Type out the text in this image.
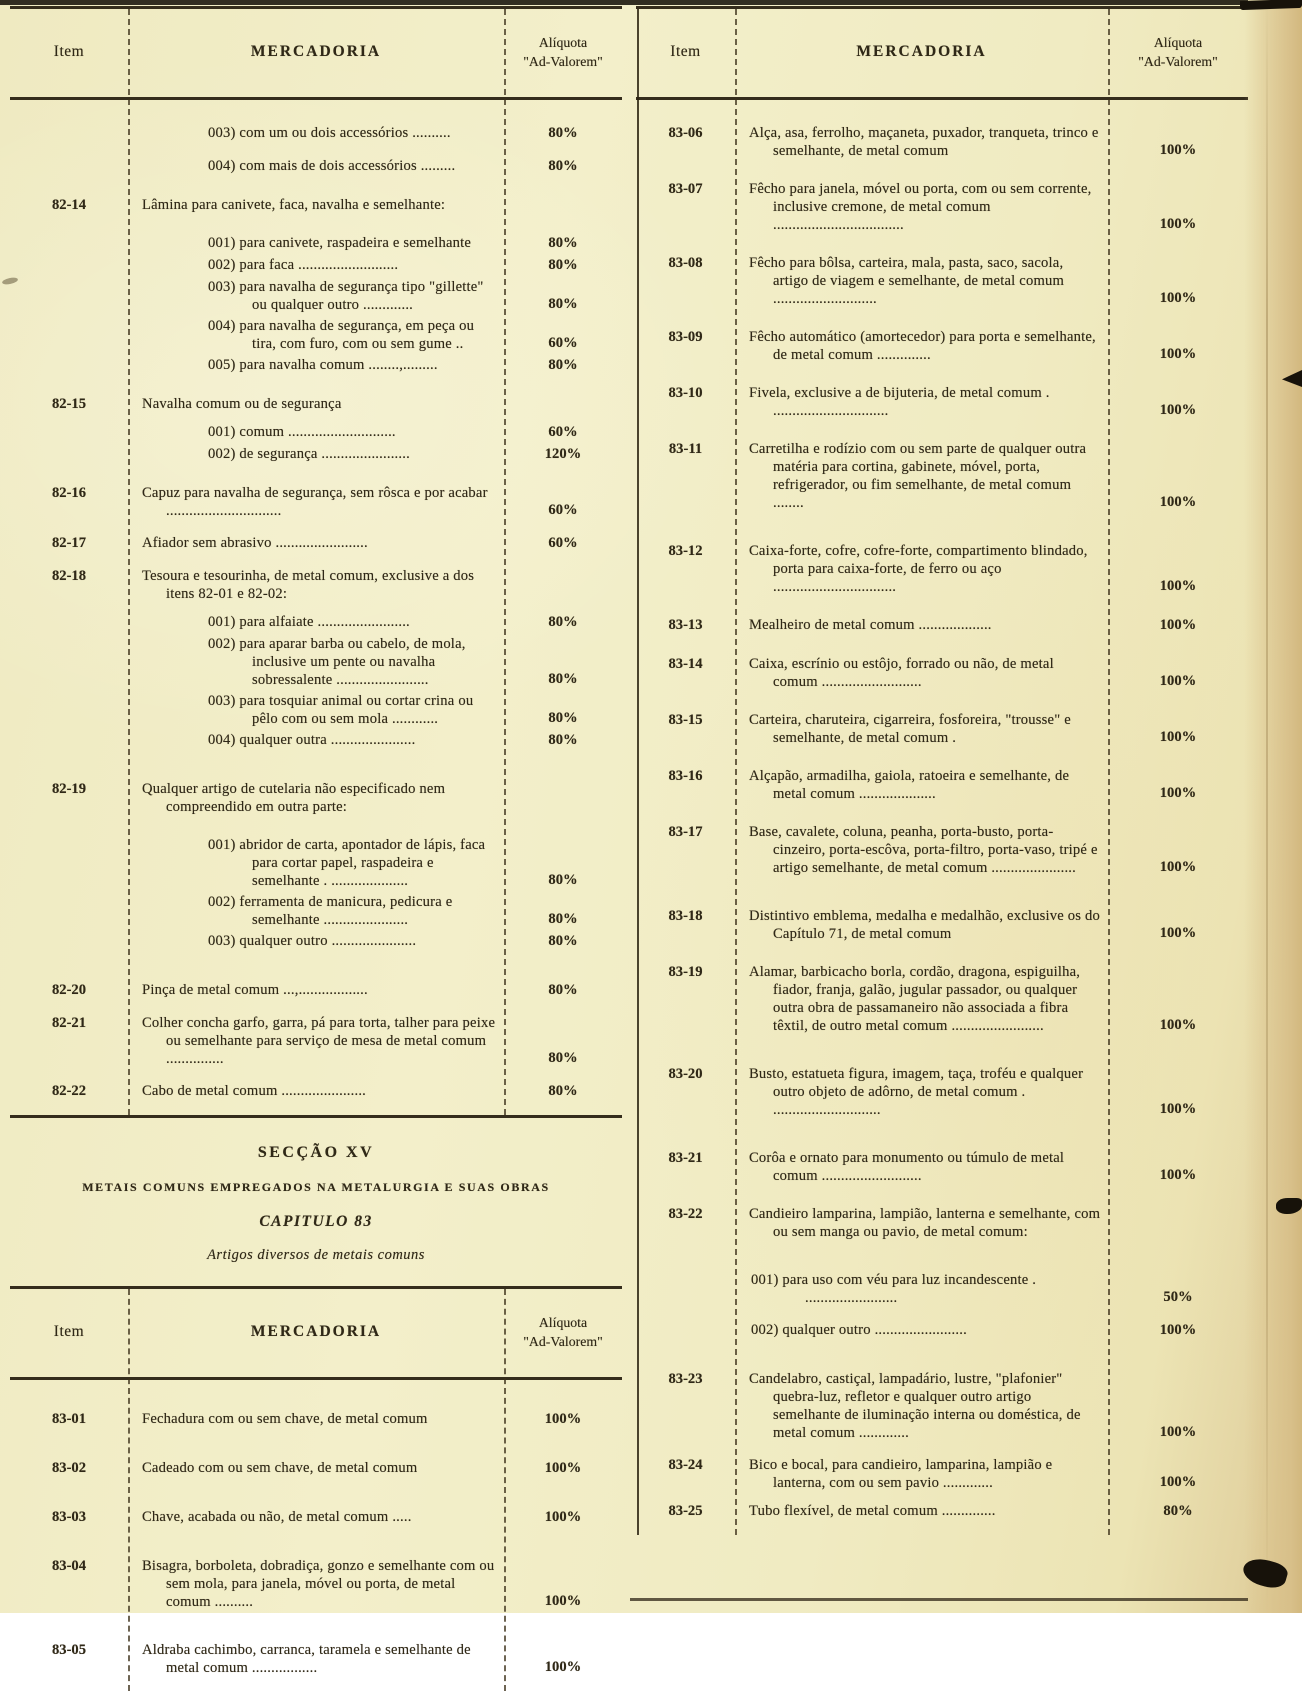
Item	MERCADORIA
Alíquota
"Ad-Valorem"
003) com um ou dois accessórios ..........	80%
004) com mais de dois accessórios .........	80%
82-14	Lâmina para canivete, faca, navalha e semelhante:
001) para canivete, raspadeira e semelhante	80%
002) para faca ..........................	80%
003) para navalha de segurança tipo "gillette" ou qualquer outro .............	80%
004) para navalha de segurança, em peça ou tira, com furo, com ou sem gume ..	60%
005) para navalha comum ........,.........	80%
82-15	Navalha comum ou de segurança
001) comum ............................	60%
002) de segurança .......................	120%
82-16	Capuz para navalha de segurança, sem rôsca e por acabar ..............................	60%
82-17	Afiador sem abrasivo ........................	60%
82-18	Tesoura e tesourinha, de metal comum, exclusive a dos itens 82-01 e 82-02:
001) para alfaiate ........................	80%
002) para aparar barba ou cabelo, de mola, inclusive um pente ou navalha sobressalente ........................	80%
003) para tosquiar animal ou cortar crina ou pêlo com ou sem mola ............	80%
004) qualquer outra ......................	80%
82-19	Qualquer artigo de cutelaria não especificado nem compreendido em outra parte:
001) abridor de carta, apontador de lápis, faca para cortar papel, raspadeira e semelhante . ....................	80%
002) ferramenta de manicura, pedicura e semelhante ......................	80%
003) qualquer outro ......................	80%
82-20	Pinça de metal comum ...,..................	80%
82-21	Colher concha garfo, garra, pá para torta, talher para peixe ou semelhante para serviço de mesa de metal comum ...............	80%
82-22	Cabo de metal comum ......................	80%
SECÇÃO XV
METAIS COMUNS EMPREGADOS NA METALURGIA E SUAS OBRAS
CAPITULO 83
Artigos diversos de metais comuns
Item	MERCADORIA
Alíquota
"Ad-Valorem"
83-01	Fechadura com ou sem chave, de metal comum	100%
83-02	Cadeado com ou sem chave, de metal comum	100%
83-03	Chave, acabada ou não, de metal comum .....	100%
83-04	Bisagra, borboleta, dobradiça, gonzo e semelhante com ou sem mola, para janela, móvel ou porta, de metal comum ..........	100%
83-05	Aldraba cachimbo, carranca, taramela e semelhante de metal comum .................	100%
Item	MERCADORIA
Alíquota
"Ad-Valorem"
83-06	Alça, asa, ferrolho, maçaneta, puxador, tranqueta, trinco e semelhante, de metal comum	100%
83-07	Fêcho para janela, móvel ou porta, com ou sem corrente, inclusive cremone, de metal comum ..................................	100%
83-08	Fêcho para bôlsa, carteira, mala, pasta, saco, sacola, artigo de viagem e semelhante, de metal comum ...........................	100%
83-09	Fêcho automático (amortecedor) para porta e semelhante, de metal comum ..............	100%
83-10	Fivela, exclusive a de bijuteria, de metal comum . ..............................	100%
83-11	Carretilha e rodízio com ou sem parte de qualquer outra matéria para cortina, gabinete, móvel, porta, refrigerador, ou fim semelhante, de metal comum ........	100%
83-12	Caixa-forte, cofre, cofre-forte, compartimento blindado, porta para caixa-forte, de ferro ou aço ................................	100%
83-13	Mealheiro de metal comum ...................	100%
83-14	Caixa, escrínio ou estôjo, forrado ou não, de metal comum ..........................	100%
83-15	Carteira, charuteira, cigarreira, fosforeira, "trousse" e semelhante, de metal comum .	100%
83-16	Alçapão, armadilha, gaiola, ratoeira e semelhante, de metal comum ....................	100%
83-17	Base, cavalete, coluna, peanha, porta-busto, porta-cinzeiro, porta-escôva, porta-filtro, porta-vaso, tripé e artigo semelhante, de metal comum ......................	100%
83-18	Distintivo emblema, medalha e medalhão, exclusive os do Capítulo 71, de metal comum	100%
83-19	Alamar, barbicacho borla, cordão, dragona, espiguilha, fiador, franja, galão, jugular passador, ou qualquer outra obra de passamaneiro não associada a fibra têxtil, de outro metal comum ........................	100%
83-20	Busto, estatueta figura, imagem, taça, troféu e qualquer outro objeto de adôrno, de metal comum . ............................	100%
83-21	Corôa e ornato para monumento ou túmulo de metal comum ..........................	100%
83-22	Candieiro lamparina, lampião, lanterna e semelhante, com ou sem manga ou pavio, de metal comum:
001) para uso com véu para luz incandescente . ........................	50%
002) qualquer outro ........................	100%
83-23	Candelabro, castiçal, lampadário, lustre, "plafonier" quebra-luz, refletor e qualquer outro artigo semelhante de iluminação interna ou doméstica, de metal comum .............	100%
83-24	Bico e bocal, para candieiro, lamparina, lampião e lanterna, com ou sem pavio .............	100%
83-25	Tubo flexível, de metal comum ..............	80%
